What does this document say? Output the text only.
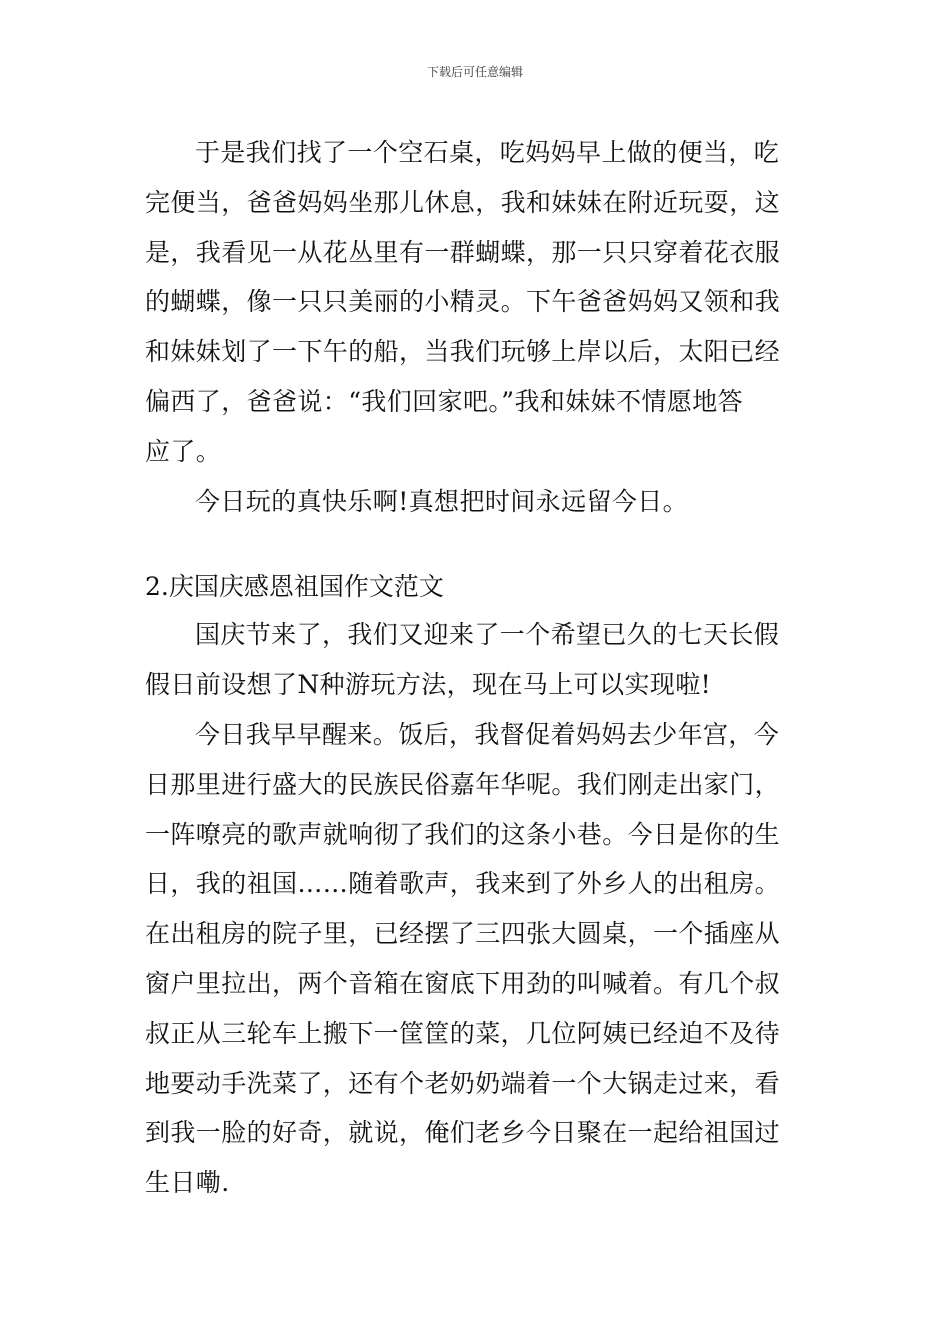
下载后可任意编辑
于是我们找了一个空石桌，吃妈妈早上做的便当，吃
完便当，爸爸妈妈坐那儿休息，我和妹妹在附近玩耍，这
是，我看见一从花丛里有一群蝴蝶，那一只只穿着花衣服
的蝴蝶，像一只只美丽的小精灵。下午爸爸妈妈又领和我
和妹妹划了一下午的船，当我们玩够上岸以后，太阳已经
偏西了，爸爸说：“我们回家吧。”我和妹妹不情愿地答
应了。
今日玩的真快乐啊!真想把时间永远留今日。
2.庆国庆感恩祖国作文范文
国庆节来了，我们又迎来了一个希望已久的七天长假
假日前设想了N种游玩方法，现在马上可以实现啦!
今日我早早醒来。饭后，我督促着妈妈去少年宫，今
日那里进行盛大的民族民俗嘉年华呢。我们刚走出家门，
一阵嘹亮的歌声就响彻了我们的这条小巷。今日是你的生
日，我的祖国……随着歌声，我来到了外乡人的出租房。
在出租房的院子里，已经摆了三四张大圆桌，一个插座从
窗户里拉出，两个音箱在窗底下用劲的叫喊着。有几个叔
叔正从三轮车上搬下一筐筐的菜，几位阿姨已经迫不及待
地要动手洗菜了，还有个老奶奶端着一个大锅走过来，看
到我一脸的好奇，就说，俺们老乡今日聚在一起给祖国过
生日嘞.
